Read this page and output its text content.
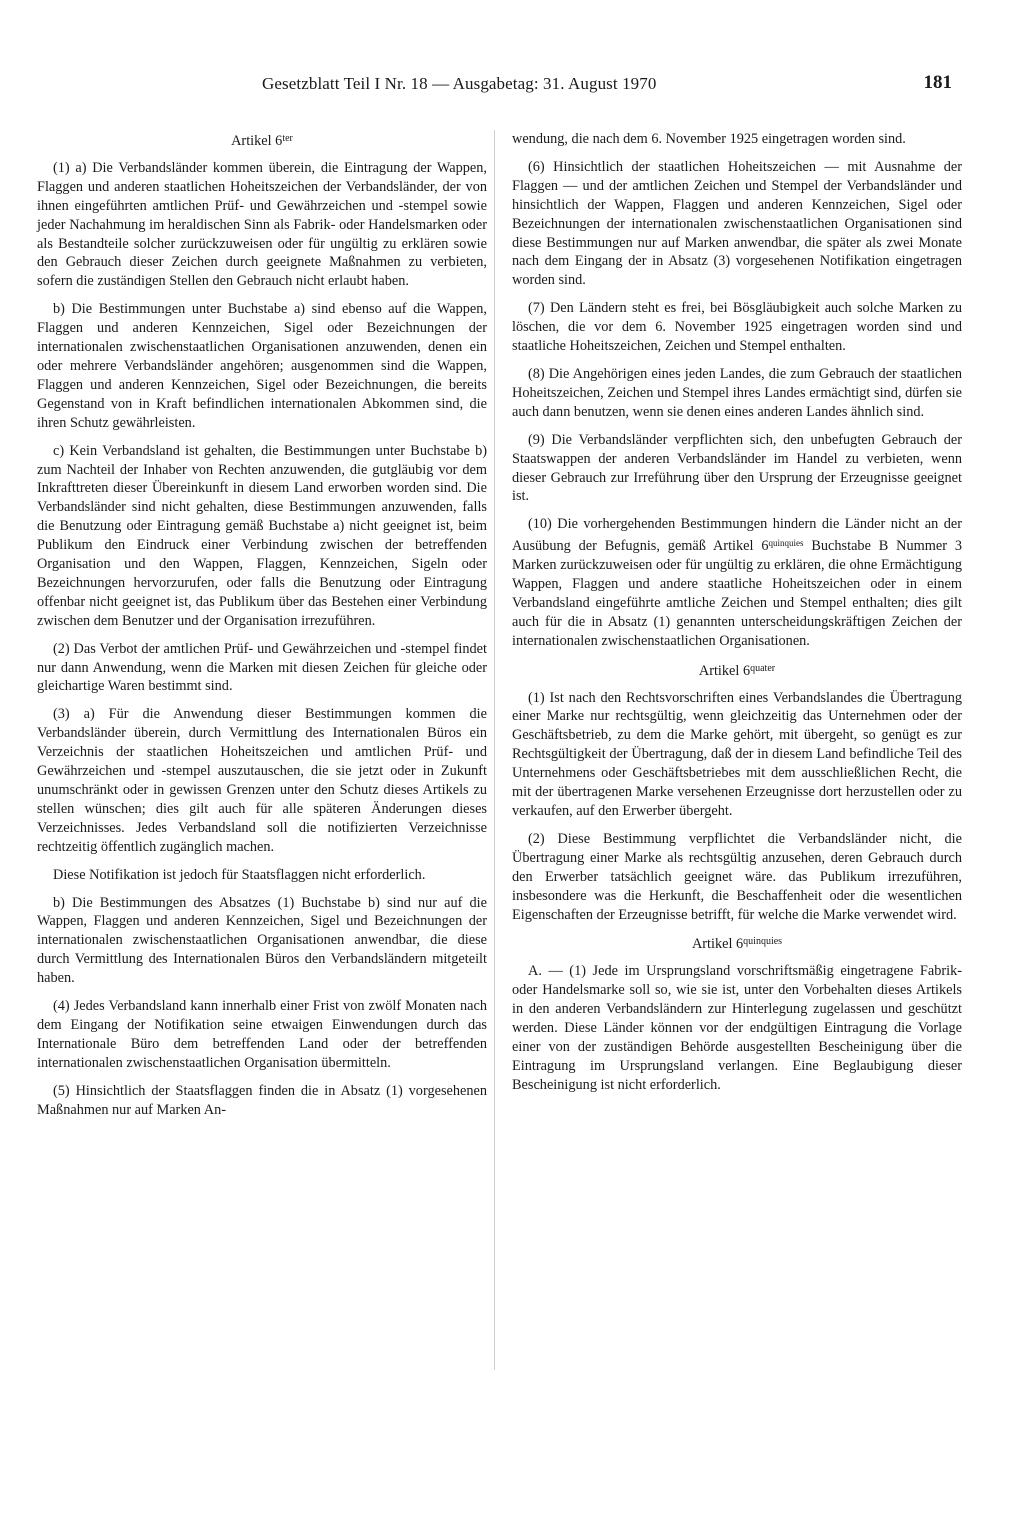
Gesetzblatt Teil I Nr. 18 — Ausgabetag: 31. August 1970	181
Artikel $6^{ter}$

(1) a) Die Verbandsländer kommen überein, die Eintragung der Wappen, Flaggen und anderen staatlichen Hoheitszeichen der Verbandsländer, der von ihnen eingeführten amtlichen Prüf- und Gewährzeichen und -stempel sowie jeder Nachahmung im heraldischen Sinn als Fabrik- oder Handelsmarken oder als Bestandteile solcher zurückzuweisen oder für ungültig zu erklären sowie den Gebrauch dieser Zeichen durch geeignete Maßnahmen zu verbieten, sofern die zuständigen Stellen den Gebrauch nicht erlaubt haben.

b) Die Bestimmungen unter Buchstabe a) sind ebenso auf die Wappen, Flaggen und anderen Kennzeichen, Sigel oder Bezeichnungen der internationalen zwischenstaatlichen Organisationen anzuwenden, denen ein oder mehrere Verbandsländer angehören; ausgenommen sind die Wappen, Flaggen und anderen Kennzeichen, Sigel oder Bezeichnungen, die bereits Gegenstand von in Kraft befindlichen internationalen Abkommen sind, die ihren Schutz gewährleisten.

c) Kein Verbandsland ist gehalten, die Bestimmungen unter Buchstabe b) zum Nachteil der Inhaber von Rechten anzuwenden, die gutgläubig vor dem Inkrafttreten dieser Übereinkunft in diesem Land erworben worden sind. Die Verbandsländer sind nicht gehalten, diese Bestimmungen anzuwenden, falls die Benutzung oder Eintragung gemäß Buchstabe a) nicht geeignet ist, beim Publikum den Eindruck einer Verbindung zwischen der betreffenden Organisation und den Wappen, Flaggen, Kennzeichen, Sigeln oder Bezeichnungen hervorzurufen, oder falls die Benutzung oder Eintragung offenbar nicht geeignet ist, das Publikum über das Bestehen einer Verbindung zwischen dem Benutzer und der Organisation irrezuführen.

(2) Das Verbot der amtlichen Prüf- und Gewährzeichen und -stempel findet nur dann Anwendung, wenn die Marken mit diesen Zeichen für gleiche oder gleichartige Waren bestimmt sind.

(3) a) Für die Anwendung dieser Bestimmungen kommen die Verbandsländer überein, durch Vermittlung des Internationalen Büros ein Verzeichnis der staatlichen Hoheitszeichen und amtlichen Prüf- und Gewährzeichen und -stempel auszutauschen, die sie jetzt oder in Zukunft unumschränkt oder in gewissen Grenzen unter den Schutz dieses Artikels zu stellen wünschen; dies gilt auch für alle späteren Änderungen dieses Verzeichnisses. Jedes Verbandsland soll die notifizierten Verzeichnisse rechtzeitig öffentlich zugänglich machen.

Diese Notifikation ist jedoch für Staatsflaggen nicht erforderlich.

b) Die Bestimmungen des Absatzes (1) Buchstabe b) sind nur auf die Wappen, Flaggen und anderen Kennzeichen, Sigel und Bezeichnungen der internationalen zwischenstaatlichen Organisationen anwendbar, die diese durch Vermittlung des Internationalen Büros den Verbandsländern mitgeteilt haben.

(4) Jedes Verbandsland kann innerhalb einer Frist von zwölf Monaten nach dem Eingang der Notifikation seine etwaigen Einwendungen durch das Internationale Büro dem betreffenden Land oder der betreffenden internationalen zwischenstaatlichen Organisation übermitteln.

(5) Hinsichtlich der Staatsflaggen finden die in Absatz (1) vorgesehenen Maßnahmen nur auf Marken An-

wendung, die nach dem 6. November 1925 eingetragen worden sind.

(6) Hinsichtlich der staatlichen Hoheitszeichen — mit Ausnahme der Flaggen — und der amtlichen Zeichen und Stempel der Verbandsländer und hinsichtlich der Wappen, Flaggen und anderen Kennzeichen, Sigel oder Bezeichnungen der internationalen zwischenstaatlichen Organisationen sind diese Bestimmungen nur auf Marken anwendbar, die später als zwei Monate nach dem Eingang der in Absatz (3) vorgesehenen Notifikation eingetragen worden sind.

(7) Den Ländern steht es frei, bei Bösgläubigkeit auch solche Marken zu löschen, die vor dem 6. November 1925 eingetragen worden sind und staatliche Hoheitszeichen, Zeichen und Stempel enthalten.

(8) Die Angehörigen eines jeden Landes, die zum Gebrauch der staatlichen Hoheitszeichen, Zeichen und Stempel ihres Landes ermächtigt sind, dürfen sie auch dann benutzen, wenn sie denen eines anderen Landes ähnlich sind.

(9) Die Verbandsländer verpflichten sich, den unbefugten Gebrauch der Staatswappen der anderen Verbandsländer im Handel zu verbieten, wenn dieser Gebrauch zur Irreführung über den Ursprung der Erzeugnisse geeignet ist.

(10) Die vorhergehenden Bestimmungen hindern die Länder nicht an der Ausübung der Befugnis, gemäß Artikel $6^{quinquies}$ Buchstabe B Nummer 3 Marken zurückzuweisen oder für ungültig zu erklären, die ohne Ermächtigung Wappen, Flaggen und andere staatliche Hoheitszeichen oder in einem Verbandsland eingeführte amtliche Zeichen und Stempel enthalten; dies gilt auch für die in Absatz (1) genannten unterscheidungskräftigen Zeichen der internationalen zwischenstaatlichen Organisationen.

Artikel $6^{quater}$

(1) Ist nach den Rechtsvorschriften eines Verbandslandes die Übertragung einer Marke nur rechtsgültig, wenn gleichzeitig das Unternehmen oder der Geschäftsbetrieb, zu dem die Marke gehört, mit übergeht, so genügt es zur Rechtsgültigkeit der Übertragung, daß der in diesem Land befindliche Teil des Unternehmens oder Geschäftsbetriebes mit dem ausschließlichen Recht, die mit der übertragenen Marke versehenen Erzeugnisse dort herzustellen oder zu verkaufen, auf den Erwerber übergeht.

(2) Diese Bestimmung verpflichtet die Verbandsländer nicht, die Übertragung einer Marke als rechtsgültig anzusehen, deren Gebrauch durch den Erwerber tatsächlich geeignet wäre. das Publikum irrezuführen, insbesondere was die Herkunft, die Beschaffenheit oder die wesentlichen Eigenschaften der Erzeugnisse betrifft, für welche die Marke verwendet wird.

Artikel $6^{quinquies}$

A. — (1) Jede im Ursprungsland vorschriftsmäßig eingetragene Fabrik- oder Handelsmarke soll so, wie sie ist, unter den Vorbehalten dieses Artikels in den anderen Verbandsländern zur Hinterlegung zugelassen und geschützt werden. Diese Länder können vor der endgültigen Eintragung die Vorlage einer von der zuständigen Behörde ausgestellten Bescheinigung über die Eintragung im Ursprungsland verlangen. Eine Beglaubigung dieser Bescheinigung ist nicht erforderlich.
